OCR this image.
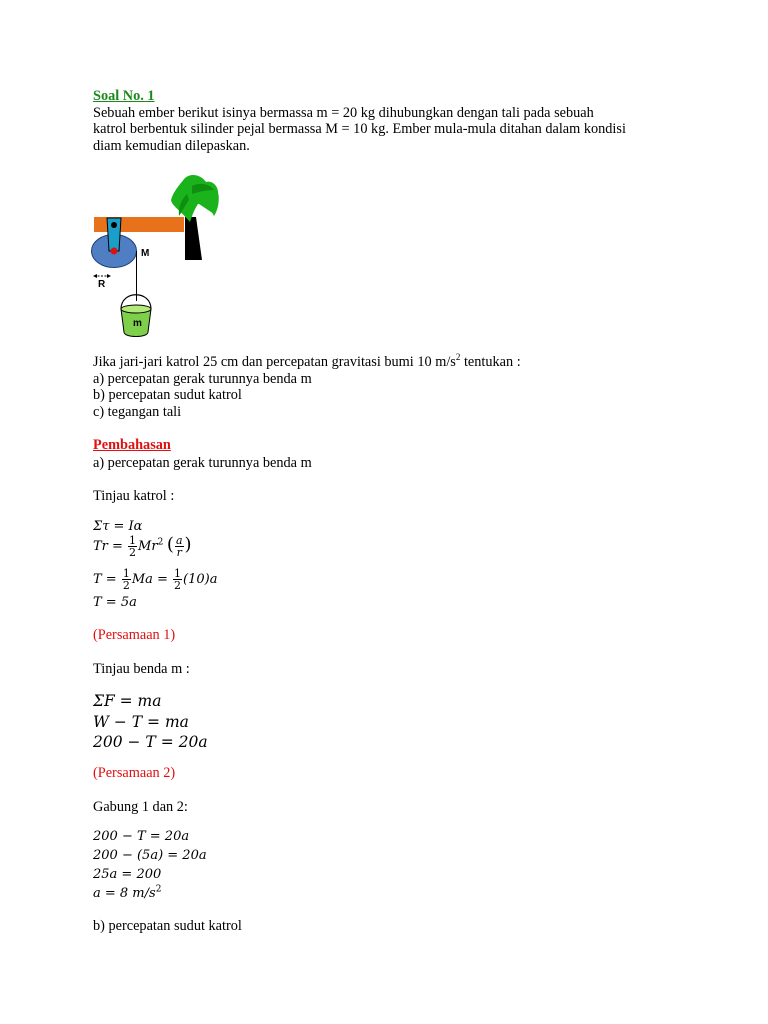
Soal No. 1
Sebuah ember berikut isinya bermassa m = 20 kg dihubungkan dengan tali pada sebuah
katrol berbentuk silinder pejal bermassa M = 10 kg. Ember mula-mula ditahan dalam kondisi
diam kemudian dilepaskan.
M
R
m
Jika jari-jari katrol 25 cm dan percepatan gravitasi bumi 10 $m/s^2$ tentukan :
a) percepatan gerak turunnya benda m
b) percepatan sudut katrol
c) tegangan tali
Pembahasan
a) percepatan gerak turunnya benda m
Tinjau katrol :
Στ = Iα
$Tr = \frac{1}{2} Mr^2$ ( $\frac{a}{r}$ )
$T = \frac{1}{2}$ $Ma = \frac{1}{2} (10)a$
T = 5a
(Persamaan 1)
Tinjau benda m :
ΣF = ma
W − T = ma
200 − T = 20a
(Persamaan 2)
Gabung 1 dan 2:
200 − T = 20a
200 − (5a) = 20a
25a = 200
a = 8 $m/s^2$
b) percepatan sudut katrol
